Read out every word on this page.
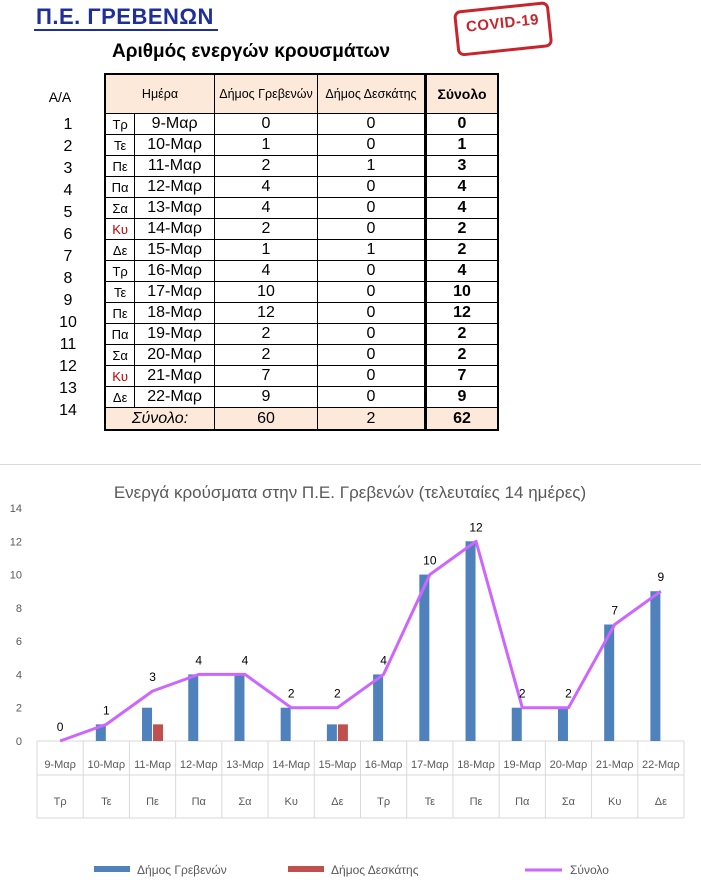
Π.Ε. ΓΡΕΒΕΝΩΝ	COVID-19
Αριθμός ενεργών κρουσμάτων
Α/Α
1
2
3
4
5
6
7
8
9
10
11
12
13
14
Ημέρα		Δήμος Γρεβενών	Δήμος Δεσκάτης	Σύνολο
Τρ	9-Μαρ	0	0	0
Τε	10-Μαρ	1	0	1
Πε	11-Μαρ	2	1	3
Πα	12-Μαρ	4	0	4
Σα	13-Μαρ	4	0	4
Κυ	14-Μαρ	2	0	2
Δε	15-Μαρ	1	1	2
Τρ	16-Μαρ	4	0	4
Τε	17-Μαρ	10	0	10
Πε	18-Μαρ	12	0	12
Πα	19-Μαρ	2	0	2
Σα	20-Μαρ	2	0	2
Κυ	21-Μαρ	7	0	7
Δε	22-Μαρ	9	0	9
Σύνολο:		60	2	62
Ενεργά κρούσματα στην Π.Ε. Γρεβενών (τελευταίες 14 ημέρες)
0
2
4
6
8
10
12
14
0
1
3
4	4
2	2
4
10
12
2	2
7
9
9-Μαρ 10-Μαρ 11-Μαρ 12-Μαρ 13-Μαρ 14-Μαρ 15-Μαρ 16-Μαρ 17-Μαρ 18-Μαρ 19-Μαρ 20-Μαρ 21-Μαρ 22-Μαρ
Τρ	Τε	Πε	Πα	Σα	Κυ	Δε	Τρ	Τε	Πε	Πα	Σα	Κυ	Δε
Δήμος Γρεβενών	Δήμος Δεσκάτης	Σύνολο
